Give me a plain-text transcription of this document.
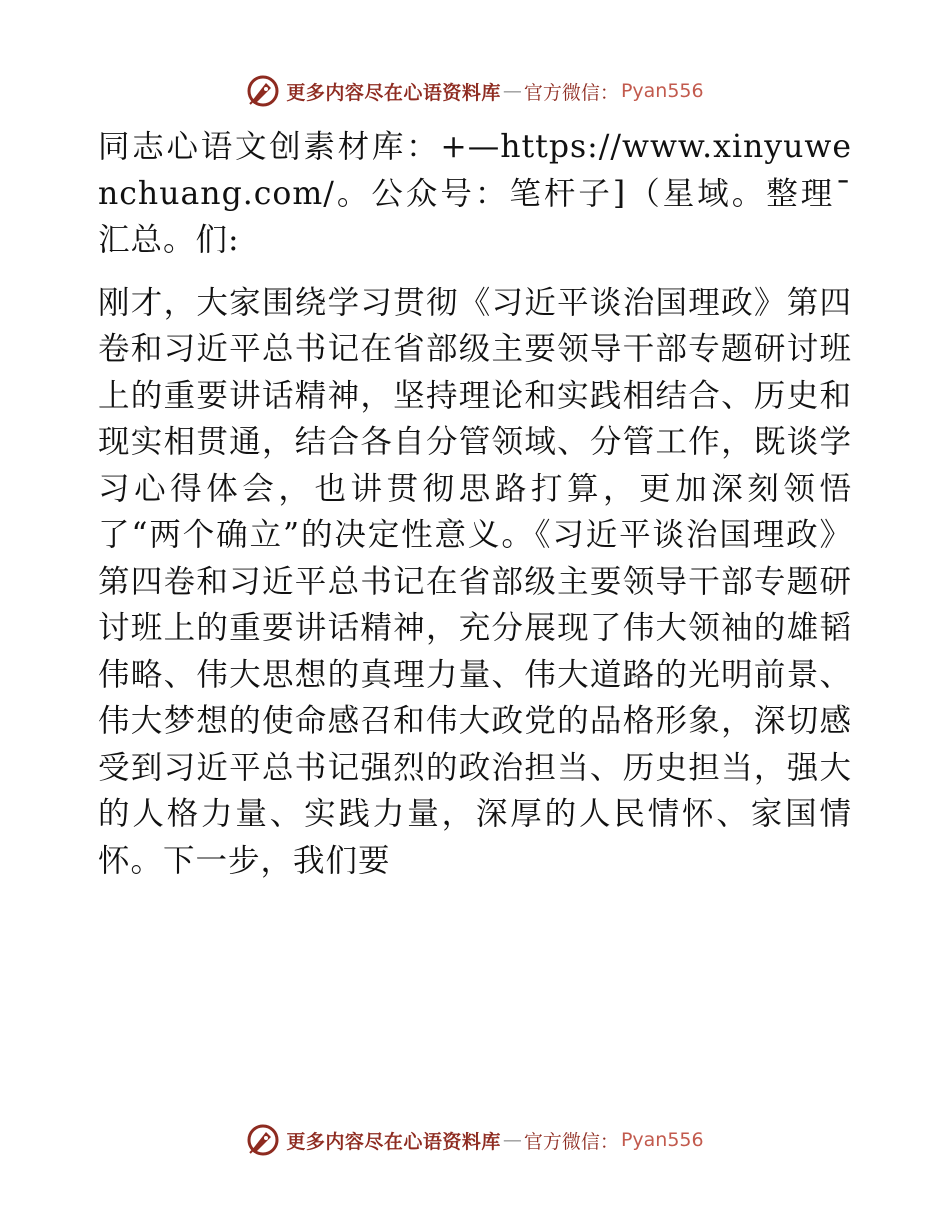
更多内容尽在心语资料库 — 官方微信： Pyan556

同志心语文创素材库：+—https://www.xinyuwenchuang.com/。公众号：笔杆子]（星域。整理¯汇总。们:

刚才，大家围绕学习贯彻《习近平谈治国理政》第四卷和习近平总书记在省部级主要领导干部专题研讨班上的重要讲话精神，坚持理论和实践相结合、历史和现实相贯通，结合各自分管领域、分管工作，既谈学习心得体会，也讲贯彻思路打算，更加深刻领悟了“两个确立”的决定性意义。《习近平谈治国理政》第四卷和习近平总书记在省部级主要领导干部专题研讨班上的重要讲话精神，充分展现了伟大领袖的雄韬伟略、伟大思想的真理力量、伟大道路的光明前景、伟大梦想的使命感召和伟大政党的品格形象，深切感受到习近平总书记强烈的政治担当、历史担当，强大的人格力量、实践力量，深厚的人民情怀、家国情怀。下一步，我们要

更多内容尽在心语资料库 — 官方微信： Pyan556
